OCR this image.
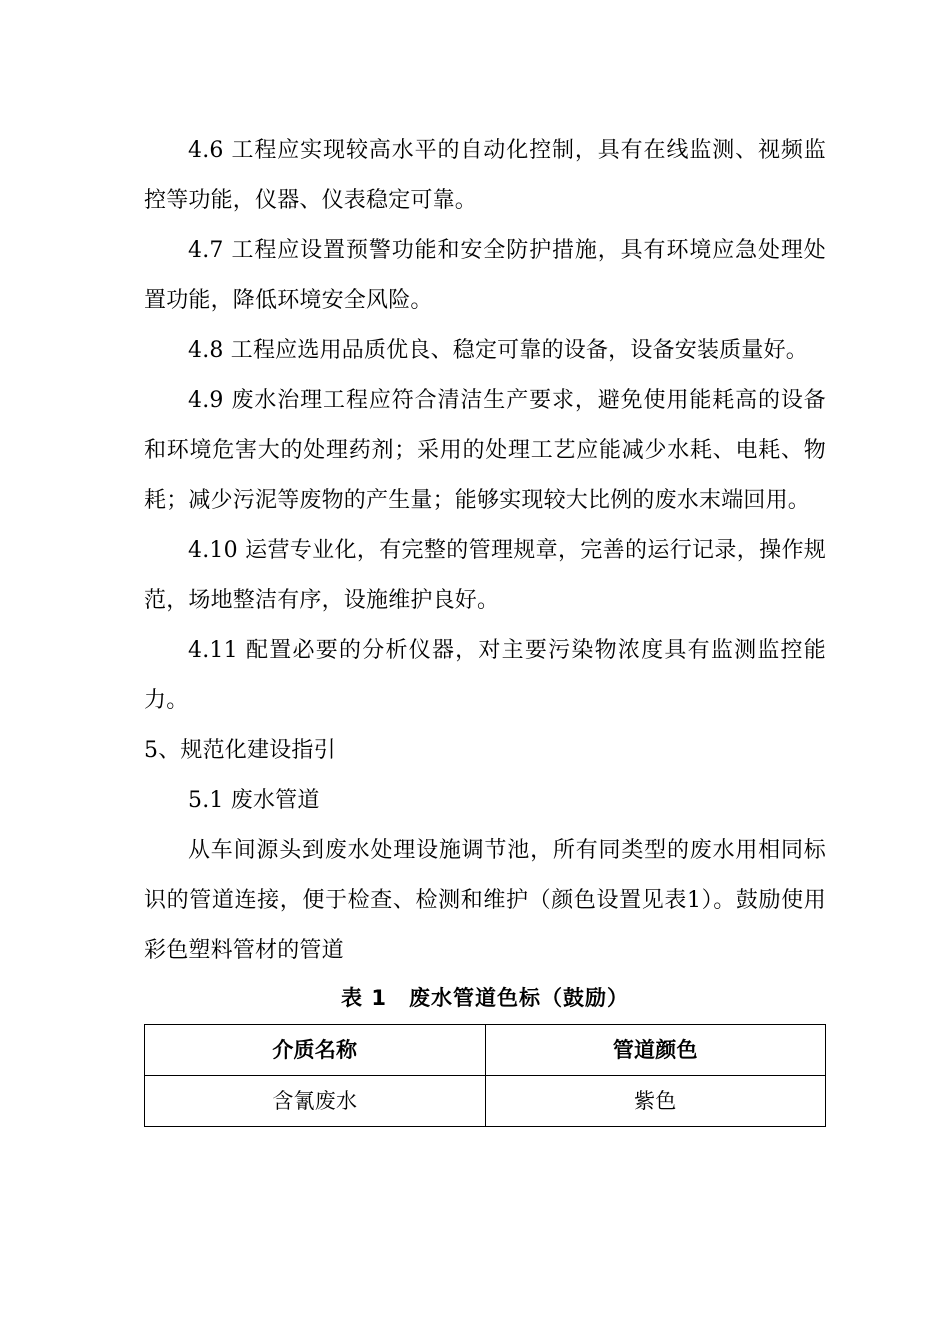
4.6 工程应实现较高水平的自动化控制，具有在线监测、视频监控等功能，仪器、仪表稳定可靠。

4.7 工程应设置预警功能和安全防护措施，具有环境应急处理处置功能，降低环境安全风险。

4.8 工程应选用品质优良、稳定可靠的设备，设备安装质量好。

4.9 废水治理工程应符合清洁生产要求，避免使用能耗高的设备和环境危害大的处理药剂；采用的处理工艺应能减少水耗、电耗、物耗；减少污泥等废物的产生量；能够实现较大比例的废水末端回用。

4.10 运营专业化，有完整的管理规章，完善的运行记录，操作规范，场地整洁有序，设施维护良好。

4.11 配置必要的分析仪器，对主要污染物浓度具有监测监控能力。

5、规范化建设指引

5.1 废水管道

从车间源头到废水处理设施调节池，所有同类型的废水用相同标识的管道连接，便于检查、检测和维护（颜色设置见表1）。鼓励使用彩色塑料管材的管道

表 1　废水管道色标（鼓励）

介质名称	管道颜色
含氰废水	紫色
